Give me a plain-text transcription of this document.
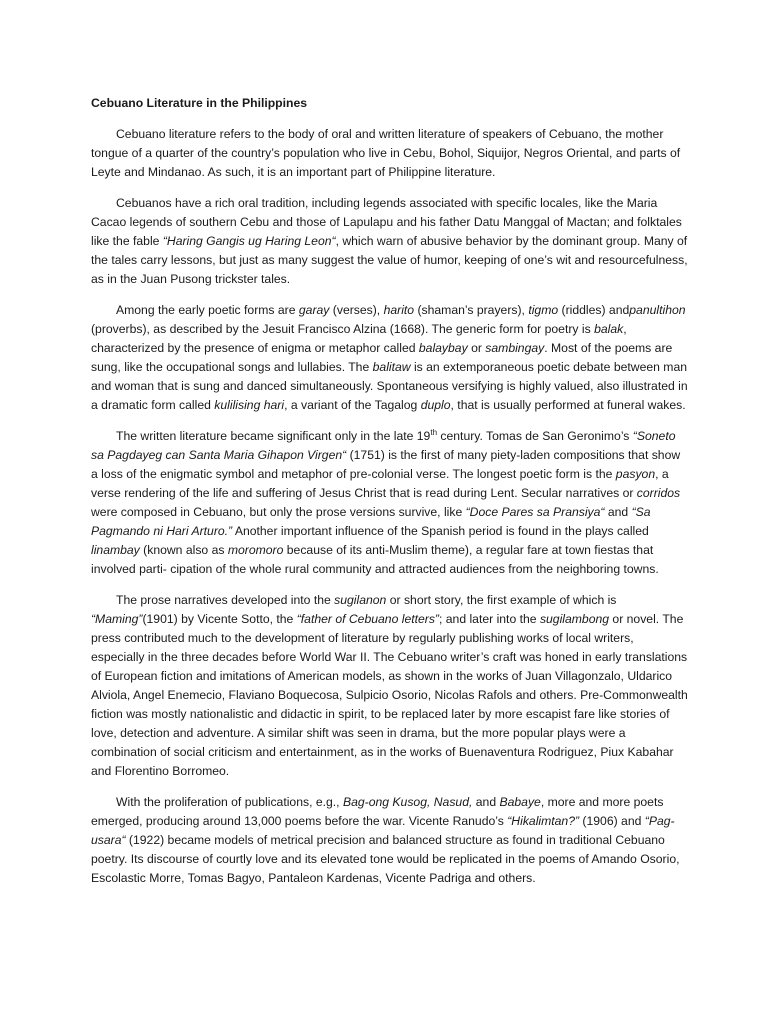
Cebuano Literature in the Philippines

Cebuano literature refers to the body of oral and written literature of speakers of Cebuano, the mother tongue of a quarter of the country’s population who live in Cebu, Bohol, Siquijor, Negros Oriental, and parts of Leyte and Mindanao. As such, it is an important part of Philippine literature.

Cebuanos have a rich oral tradition, including legends associated with specific locales, like the Maria Cacao legends of southern Cebu and those of Lapulapu and his father Datu Manggal of Mactan; and folktales like the fable “Haring Gangis ug Haring Leon“, which warn of abusive behavior by the dominant group. Many of the tales carry lessons, but just as many suggest the value of humor, keeping of one’s wit and resourcefulness, as in the Juan Pusong trickster tales.

Among the early poetic forms are garay (verses), harito (shaman’s prayers), tigmo (riddles) andpanultihon (proverbs), as described by the Jesuit Francisco Alzina (1668). The generic form for poetry is balak, characterized by the presence of enigma or metaphor called balaybay or sambingay. Most of the poems are sung, like the occupational songs and lullabies. The balitaw is an extemporaneous poetic debate between man and woman that is sung and danced simultaneously. Spontaneous versifying is highly valued, also illustrated in a dramatic form called kulilising hari, a variant of the Tagalog duplo, that is usually performed at funeral wakes.

The written literature became significant only in the late 19th century. Tomas de San Geronimo’s “Soneto sa Pagdayeg can Santa Maria Gihapon Virgen“ (1751) is the first of many piety-laden compositions that show a loss of the enigmatic symbol and metaphor of pre-colonial verse. The longest poetic form is the pasyon, a verse rendering of the life and suffering of Jesus Christ that is read during Lent. Secular narratives or corridos were composed in Cebuano, but only the prose versions survive, like “Doce Pares sa Pransiya“ and “Sa Pagmando ni Hari Arturo.” Another important influence of the Spanish period is found in the plays called linambay (known also as moromoro because of its anti-Muslim theme), a regular fare at town fiestas that involved parti- cipation of the whole rural community and attracted audiences from the neighboring towns.

The prose narratives developed into the sugilanon or short story, the first example of which is “Maming”(1901) by Vicente Sotto, the “father of Cebuano letters”; and later into the sugilambong or novel. The press contributed much to the development of literature by regularly publishing works of local writers, especially in the three decades before World War II. The Cebuano writer’s craft was honed in early translations of European fiction and imitations of American models, as shown in the works of Juan Villagonzalo, Uldarico Alviola, Angel Enemecio, Flaviano Boquecosa, Sulpicio Osorio, Nicolas Rafols and others. Pre-Commonwealth fiction was mostly nationalistic and didactic in spirit, to be replaced later by more escapist fare like stories of love, detection and adventure. A similar shift was seen in drama, but the more popular plays were a combination of social criticism and entertainment, as in the works of Buenaventura Rodriguez, Piux Kabahar and Florentino Borromeo.

With the proliferation of publications, e.g., Bag-ong Kusog, Nasud, and Babaye, more and more poets emerged, producing around 13,000 poems before the war. Vicente Ranudo’s “Hikalimtan?” (1906) and “Pag-usara“ (1922) became models of metrical precision and balanced structure as found in traditional Cebuano poetry. Its discourse of courtly love and its elevated tone would be replicated in the poems of Amando Osorio, Escolastic Morre, Tomas Bagyo, Pantaleon Kardenas, Vicente Padriga and others.
